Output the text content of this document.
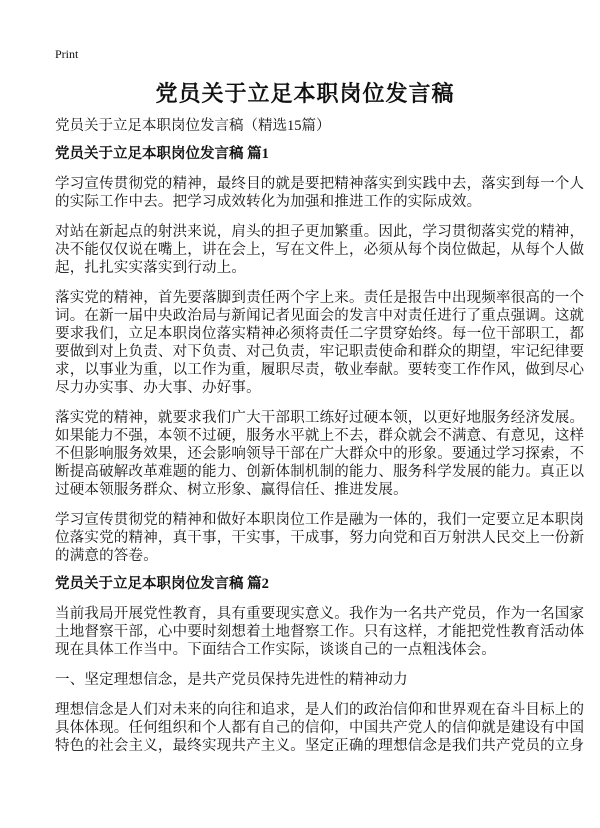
Print
党员关于立足本职岗位发言稿
党员关于立足本职岗位发言稿（精选15篇）
党员关于立足本职岗位发言稿 篇1
学习宣传贯彻党的精神，最终目的就是要把精神落实到实践中去，落实到每一个人
的实际工作中去。把学习成效转化为加强和推进工作的实际成效。
对站在新起点的射洪来说，肩头的担子更加繁重。因此，学习贯彻落实党的精神，
决不能仅仅说在嘴上，讲在会上，写在文件上，必须从每个岗位做起，从每个人做
起，扎扎实实落实到行动上。
落实党的精神，首先要落脚到责任两个字上来。责任是报告中出现频率很高的一个
词。在新一届中央政治局与新闻记者见面会的发言中对责任进行了重点强调。这就
要求我们，立足本职岗位落实精神必须将责任二字贯穿始终。每一位干部职工，都
要做到对上负责、对下负责、对己负责，牢记职责使命和群众的期望，牢记纪律要
求，以事业为重，以工作为重，履职尽责，敬业奉献。要转变工作作风，做到尽心
尽力办实事、办大事、办好事。
落实党的精神，就要求我们广大干部职工练好过硬本领，以更好地服务经济发展。
如果能力不强，本领不过硬，服务水平就上不去，群众就会不满意、有意见，这样
不但影响服务效果，还会影响领导干部在广大群众中的形象。要通过学习探索，不
断提高破解改革难题的能力、创新体制机制的能力、服务科学发展的能力。真正以
过硬本领服务群众、树立形象、赢得信任、推进发展。
学习宣传贯彻党的精神和做好本职岗位工作是融为一体的，我们一定要立足本职岗
位落实党的精神，真干事，干实事，干成事，努力向党和百万射洪人民交上一份新
的满意的答卷。
党员关于立足本职岗位发言稿 篇2
当前我局开展党性教育，具有重要现实意义。我作为一名共产党员，作为一名国家
土地督察干部，心中要时刻想着土地督察工作。只有这样，才能把党性教育活动体
现在具体工作当中。下面结合工作实际，谈谈自己的一点粗浅体会。
一、坚定理想信念，是共产党员保持先进性的精神动力
理想信念是人们对未来的向往和追求，是人们的政治信仰和世界观在奋斗目标上的
具体体现。任何组织和个人都有自己的信仰，中国共产党人的信仰就是建设有中国
特色的社会主义，最终实现共产主义。坚定正确的理想信念是我们共产党员的立身
